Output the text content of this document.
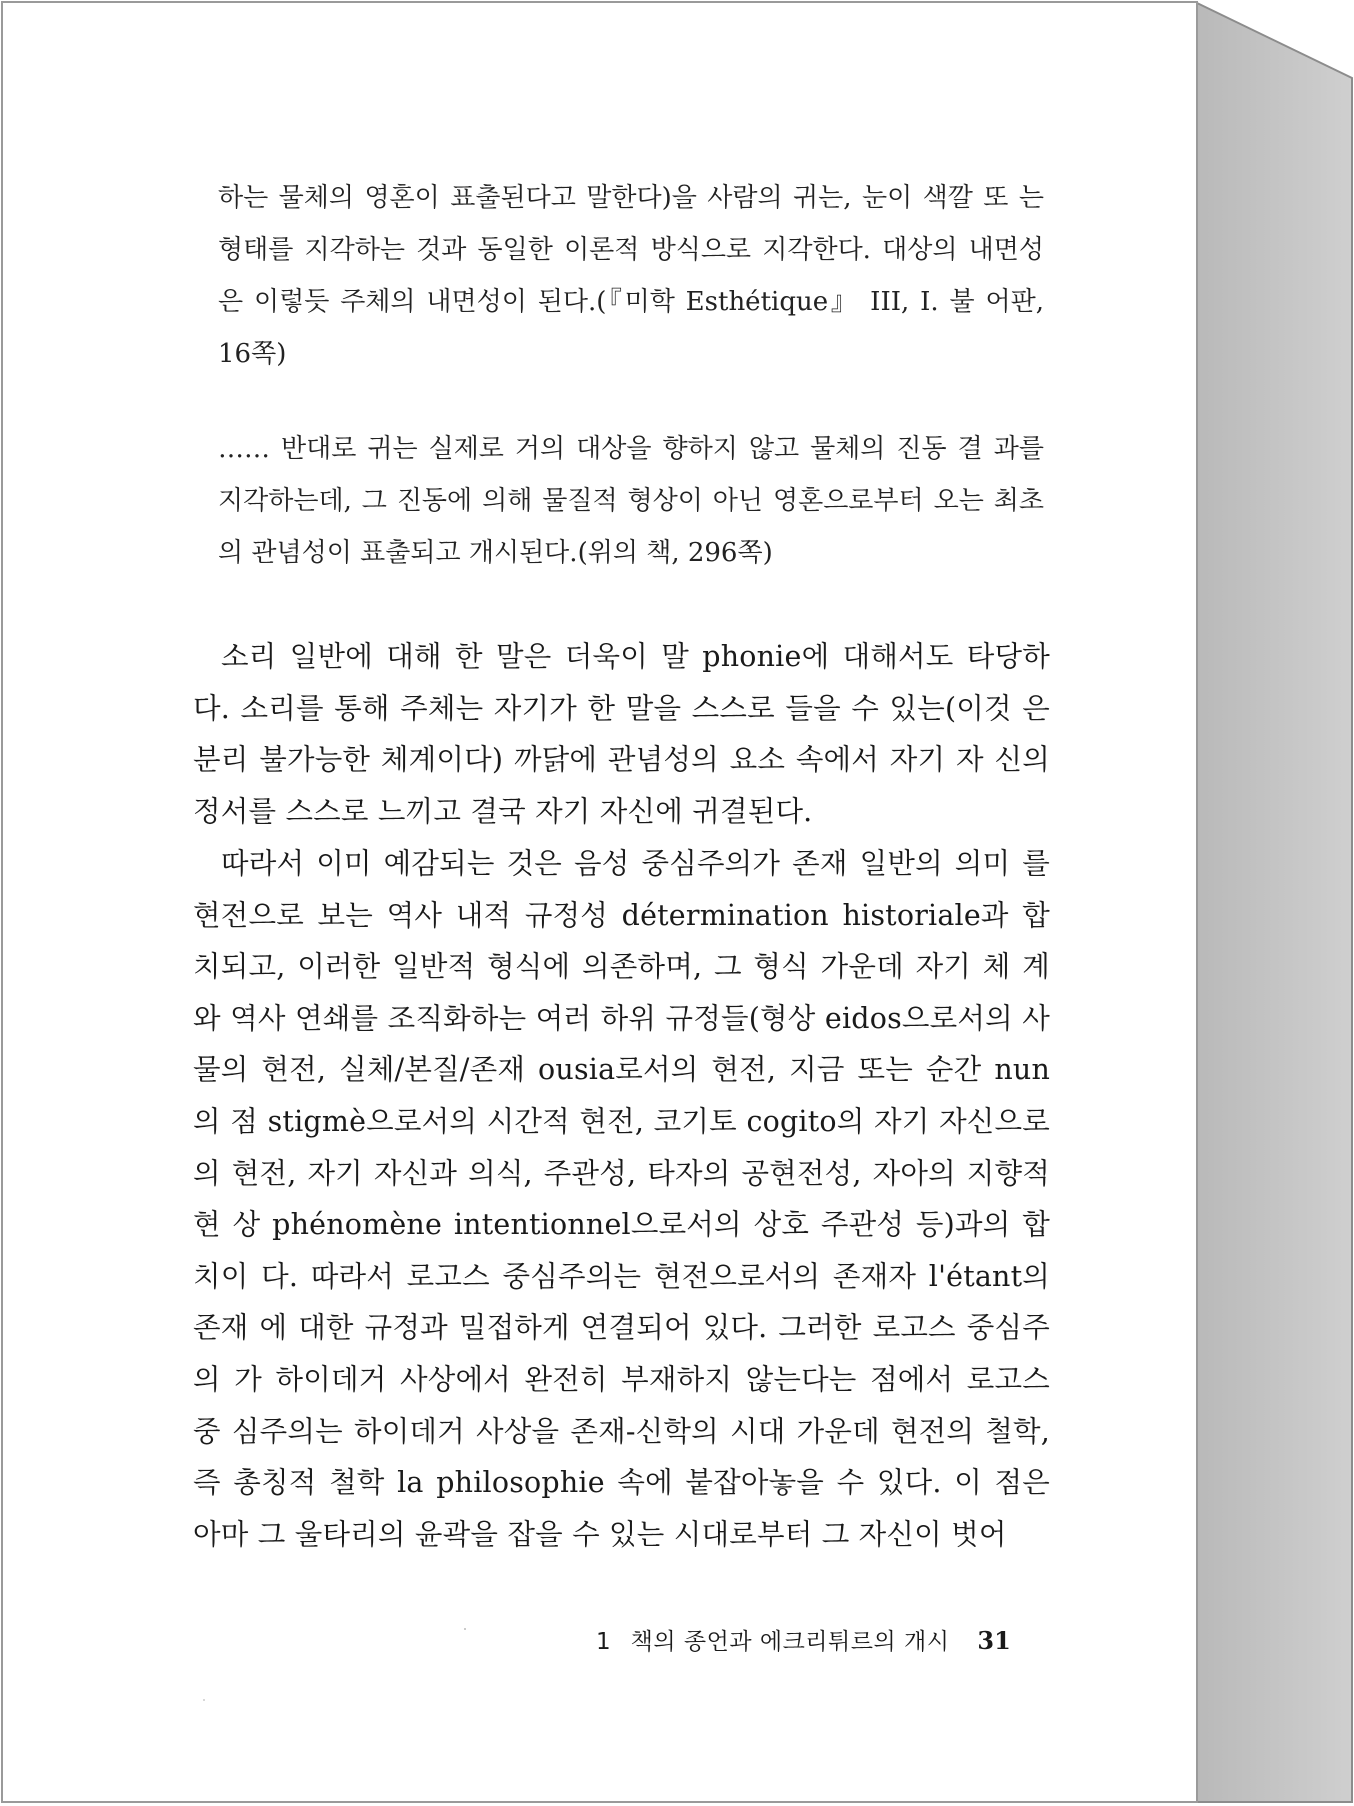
하는 물체의 영혼이 표출된다고 말한다)을 사람의 귀는, 눈이 색깔 또 는 형태를 지각하는 것과 동일한 이론적 방식으로 지각한다. 대상의 내면성은 이렇듯 주체의 내면성이 된다.(『미학 Esthétique』 III, I. 불 어판, 16쪽)

…… 반대로 귀는 실제로 거의 대상을 향하지 않고 물체의 진동 결 과를 지각하는데, 그 진동에 의해 물질적 형상이 아닌 영혼으로부터 오는 최초의 관념성이 표출되고 개시된다.(위의 책, 296쪽)

소리 일반에 대해 한 말은 더욱이 말 phonie에 대해서도 타당하 다. 소리를 통해 주체는 자기가 한 말을 스스로 들을 수 있는(이것 은 분리 불가능한 체계이다) 까닭에 관념성의 요소 속에서 자기 자 신의 정서를 스스로 느끼고 결국 자기 자신에 귀결된다.

따라서 이미 예감되는 것은 음성 중심주의가 존재 일반의 의미 를 현전으로 보는 역사 내적 규정성 détermination historiale과 합 치되고, 이러한 일반적 형식에 의존하며, 그 형식 가운데 자기 체 계와 역사 연쇄를 조직화하는 여러 하위 규정들(형상 eidos으로서의 사물의 현전, 실체/본질/존재 ousia로서의 현전, 지금 또는 순간 nun 의 점 stigmè으로서의 시간적 현전, 코기토 cogito의 자기 자신으로의 현전, 자기 자신과 의식, 주관성, 타자의 공현전성, 자아의 지향적 현 상 phénomène intentionnel으로서의 상호 주관성 등)과의 합치이 다. 따라서 로고스 중심주의는 현전으로서의 존재자 l'étant의 존재 에 대한 규정과 밀접하게 연결되어 있다. 그러한 로고스 중심주의 가 하이데거 사상에서 완전히 부재하지 않는다는 점에서 로고스 중 심주의는 하이데거 사상을 존재-신학의 시대 가운데 현전의 철학, 즉 총칭적 철학 la philosophie 속에 붙잡아놓을 수 있다. 이 점은 아마 그 울타리의 윤곽을 잡을 수 있는 시대로부터 그 자신이 벗어

1 책의 종언과 에크리튀르의 개시 31
